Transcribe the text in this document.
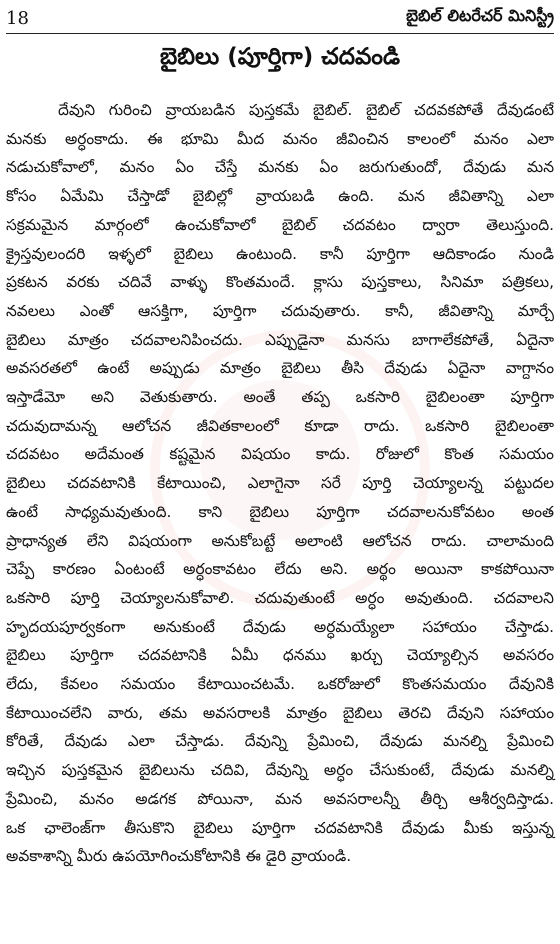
18	బైబిల్ లిటరేచర్ మినిస్ట్రీ
బైబిలు (పూర్తిగా) చదవండి
దేవుని గురించి వ్రాయబడిన పుస్తకమే బైబిల్. బైబిల్ చదవకపోతే దేవుడంటే
మనకు అర్ధంకాదు. ఈ భూమి మీద మనం జీవించిన కాలంలో మనం ఎలా
నడుచుకోవాలో, మనం ఏం చేస్తే మనకు ఏం జరుగుతుందో, దేవుడు మన
కోసం ఏమేమి చేస్తాడో బైబిల్లో వ్రాయబడి ఉంది. మన జీవితాన్ని ఎలా
సక్రమమైన మార్గంలో ఉంచుకోవాలో బైబిల్ చదవటం ద్వారా తెలుస్తుంది.
క్రైస్తవులందరి ఇళ్ళలో బైబిలు ఉంటుంది. కానీ పూర్తిగా ఆదికాండం నుండి
ప్రకటన వరకు చదివే వాళ్ళు కొంతమందే. క్లాసు పుస్తకాలు, సినిమా పత్రికలు,
నవలలు ఎంతో ఆసక్తిగా, పూర్తిగా చదువుతారు. కానీ, జీవితాన్ని మార్చే
బైబిలు మాత్రం చదవాలనిపించదు. ఎప్పుడైనా మనసు బాగాలేకపోతే, ఏదైనా
అవసరతలో ఉంటే అప్పుడు మాత్రం బైబిలు తీసి దేవుడు ఏదైనా వాగ్దానం
ఇస్తాడేమో అని వెతుకుతారు. అంతే తప్ప ఒకసారి బైబిలంతా పూర్తిగా
చదువుదామన్న ఆలోచన జీవితకాలంలో కూడా రాదు. ఒకసారి బైబిలంతా
చదవటం అదేమంత కష్టమైన విషయం కాదు. రోజులో కొంత సమయం
బైబిలు చదవటానికి కేటాయించి, ఎలాగైనా సరే పూర్తి చెయ్యాలన్న పట్టుదల
ఉంటే సాధ్యమవుతుంది. కాని బైబిలు పూర్తిగా చదవాలనుకోవటం అంత
ప్రాధాన్యత లేని విషయంగా అనుకోబట్టే అలాంటి ఆలోచన రాదు. చాలామంది
చెప్పే కారణం ఏంటంటే అర్ధంకావటం లేదు అని. అర్థం అయినా కాకపోయినా
ఒకసారి పూర్తి చెయ్యాలనుకోవాలి. చదువుతుంటే అర్ధం అవుతుంది. చదవాలని
హృదయపూర్వకంగా అనుకుంటే దేవుడు అర్ధమయ్యేలా సహాయం చేస్తాడు.
బైబిలు పూర్తిగా చదవటానికి ఏమీ ధనము ఖర్చు చెయ్యాల్సిన అవసరం
లేదు, కేవలం సమయం కేటాయించటమే. ఒకరోజులో కొంతసమయం దేవునికి
కేటాయించలేని వారు, తమ అవసరాలకి మాత్రం బైబిలు తెరచి దేవుని సహాయం
కోరితే, దేవుడు ఎలా చేస్తాడు. దేవున్ని ప్రేమించి, దేవుడు మనల్ని ప్రేమించి
ఇచ్చిన పుస్తకమైన బైబిలును చదివి, దేవున్ని అర్ధం చేసుకుంటే, దేవుడు మనల్ని
ప్రేమించి, మనం అడగక పోయినా, మన అవసరాలన్నీ తీర్చి ఆశీర్వదిస్తాడు.
ఒక ఛాలెంజ్‌గా తీసుకొని బైబిలు పూర్తిగా చదవటానికి దేవుడు మీకు ఇస్తున్న
అవకాశాన్ని మీరు ఉపయోగించుకోటానికి ఈ డైరి వ్రాయండి.
